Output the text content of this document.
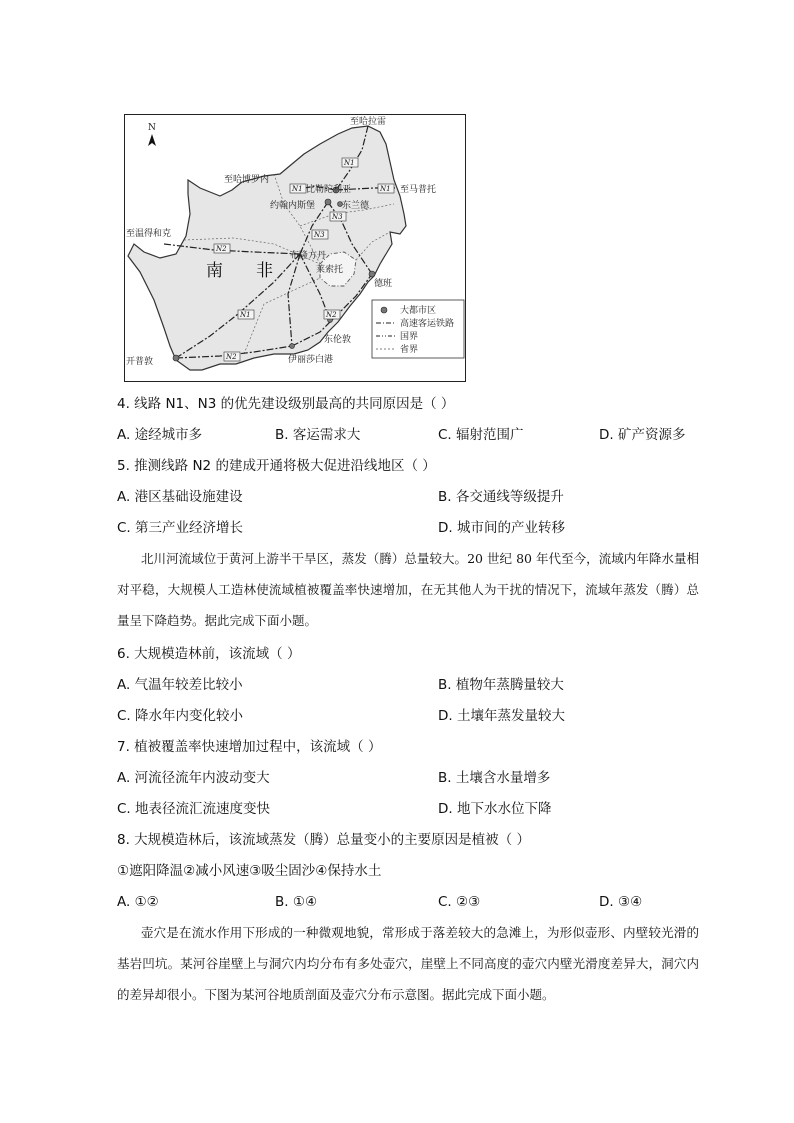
N
至哈拉雷
至哈博罗内
比勒陀利亚	至马普托
约翰内斯堡	东兰德
至温得和克
布隆方丹
莱索托
德班
东伦敦
伊丽莎白港
开普敦
南 非
N1
N1	N1
N1
N2
N2
N2
N3
N3
大都市区
高速客运铁路
国界
省界
4. 线路 N1、N3 的优先建设级别最高的共同原因是（ ）
A. 途经城市多	B. 客运需求大	C. 辐射范围广	D. 矿产资源多
5. 推测线路 N2 的建成开通将极大促进沿线地区（ ）
A. 港区基础设施建设	B. 各交通线等级提升
C. 第三产业经济增长	D. 城市间的产业转移

北川河流域位于黄河上游半干旱区，蒸发（腾）总量较大。20 世纪 80 年代至今，流域内年降水量相对平稳，大规模人工造林使流域植被覆盖率快速增加，在无其他人为干扰的情况下，流域年蒸发（腾）总量呈下降趋势。据此完成下面小题。

6. 大规模造林前，该流域（ ）
A. 气温年较差比较小	B. 植物年蒸腾量较大
C. 降水年内变化较小	D. 土壤年蒸发量较大
7. 植被覆盖率快速增加过程中，该流域（ ）
A. 河流径流年内波动变大	B. 土壤含水量增多
C. 地表径流汇流速度变快	D. 地下水水位下降
8. 大规模造林后，该流域蒸发（腾）总量变小的主要原因是植被（ ）
①遮阳降温②减小风速③吸尘固沙④保持水土
A. ①②	B. ①④	C. ②③	D. ③④

壶穴是在流水作用下形成的一种微观地貌，常形成于落差较大的急滩上，为形似壶形、内壁较光滑的基岩凹坑。某河谷崖壁上与洞穴内均分布有多处壶穴，崖壁上不同高度的壶穴内壁光滑度差异大，洞穴内的差异却很小。下图为某河谷地质剖面及壶穴分布示意图。据此完成下面小题。
